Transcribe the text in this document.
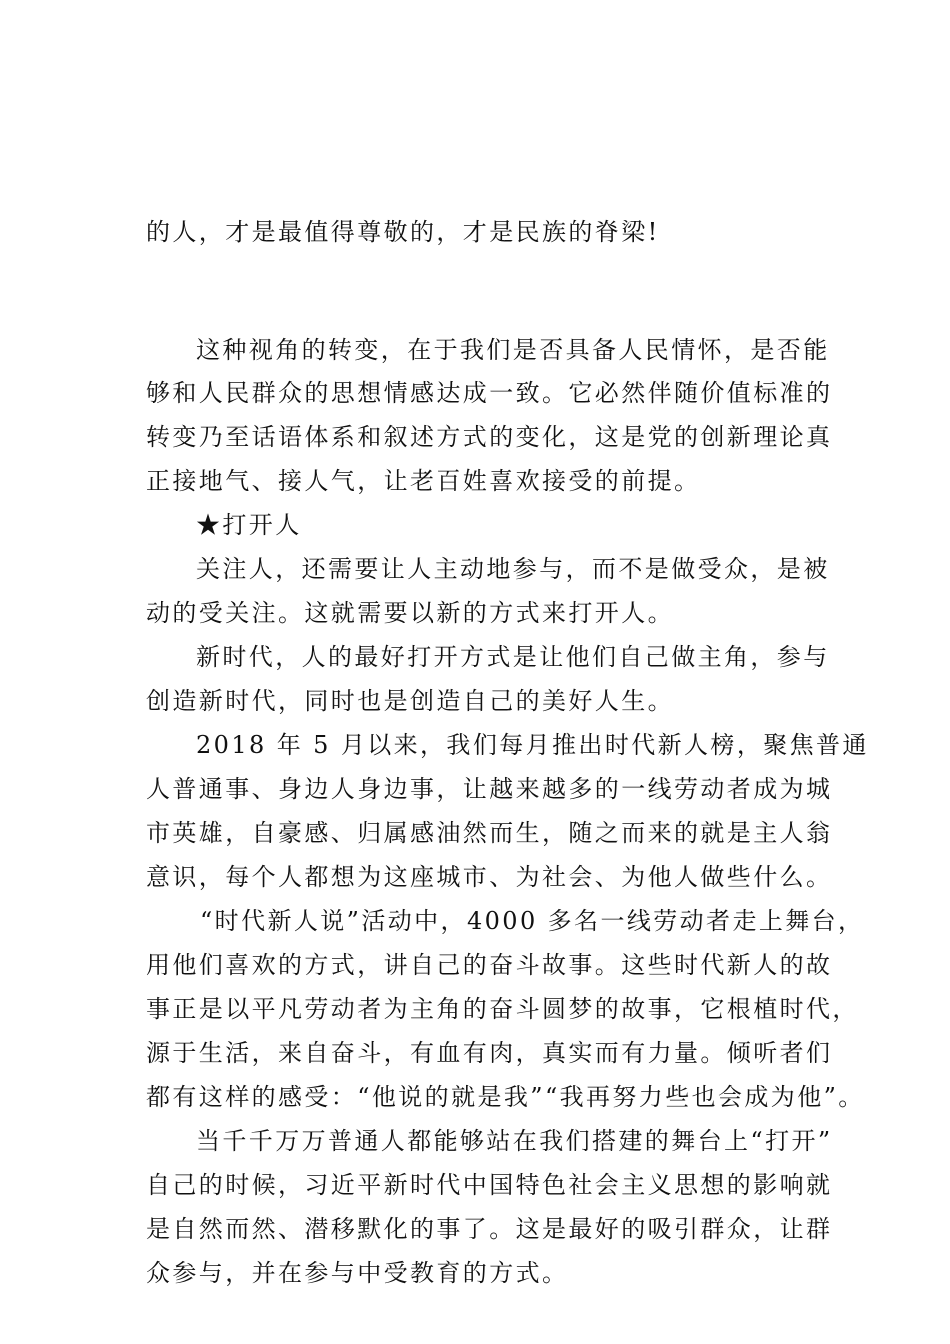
的人，才是最值得尊敬的，才是民族的脊梁!
这种视角的转变，在于我们是否具备人民情怀，是否能
够和人民群众的思想情感达成一致。它必然伴随价值标准的
转变乃至话语体系和叙述方式的变化，这是党的创新理论真
正接地气、接人气，让老百姓喜欢接受的前提。
★打开人
关注人，还需要让人主动地参与，而不是做受众，是被
动的受关注。这就需要以新的方式来打开人。
新时代，人的最好打开方式是让他们自己做主角，参与
创造新时代，同时也是创造自己的美好人生。
2018 年 5 月以来，我们每月推出时代新人榜，聚焦普通
人普通事、身边人身边事，让越来越多的一线劳动者成为城
市英雄，自豪感、归属感油然而生，随之而来的就是主人翁
意识，每个人都想为这座城市、为社会、为他人做些什么。
“时代新人说”活动中，4000 多名一线劳动者走上舞台，
用他们喜欢的方式，讲自己的奋斗故事。这些时代新人的故
事正是以平凡劳动者为主角的奋斗圆梦的故事，它根植时代，
源于生活，来自奋斗，有血有肉，真实而有力量。倾听者们
都有这样的感受：“他说的就是我”“我再努力些也会成为他”。
当千千万万普通人都能够站在我们搭建的舞台上“打开”
自己的时候，习近平新时代中国特色社会主义思想的影响就
是自然而然、潜移默化的事了。这是最好的吸引群众，让群
众参与，并在参与中受教育的方式。
